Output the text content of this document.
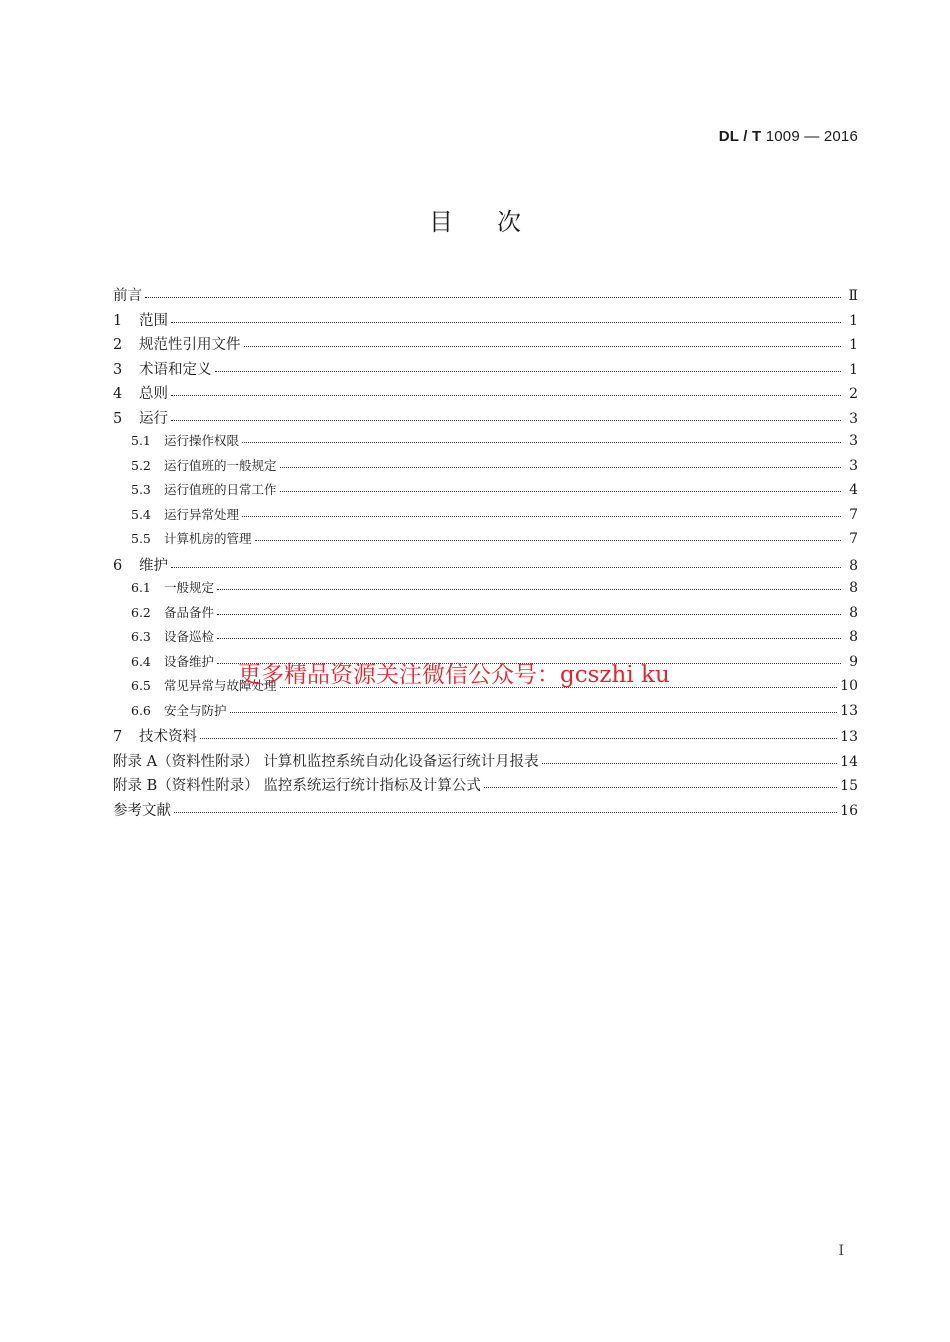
DL / T 1009 — 2016
目次
前言	Ⅱ
1	范围	1
2	规范性引用文件	1
3	术语和定义	1
4	总则	2
5	运行	3
5.1	运行操作权限	3
5.2	运行值班的一般规定	3
5.3	运行值班的日常工作	4
5.4	运行异常处理	7
5.5	计算机房的管理	7
6	维护	8
6.1	一般规定	8
6.2	备品备件	8
6.3	设备巡检	8
6.4	设备维护	9
6.5	常见异常与故障处理	10
6.6	安全与防护	13
7	技术资料	13
附录 A（资料性附录） 计算机监控系统自动化设备运行统计月报表	14
附录 B（资料性附录） 监控系统运行统计指标及计算公式	15
参考文献	16
更多精品资源关注微信公众号：gcszhi ku
I
